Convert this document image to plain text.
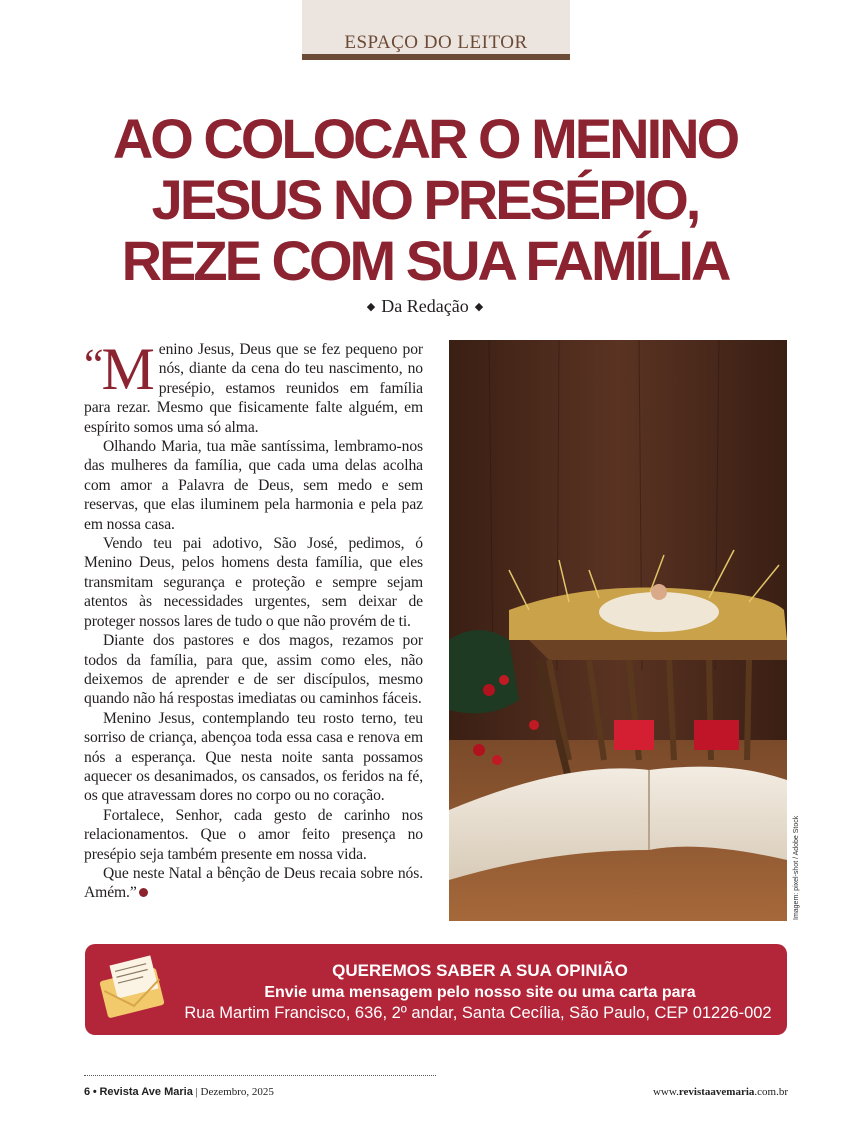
ESPAÇO DO LEITOR
AO COLOCAR O MENINO
JESUS NO PRESÉPIO,
REZE COM SUA FAMÍLIA
◆ Da Redação ◆

“M enino Jesus, Deus que se fez pequeno por nós, diante da cena do teu nascimento, no presépio, estamos reunidos em família para rezar. Mesmo que fisicamente falte alguém, em espírito somos uma só alma.

Olhando Maria, tua mãe santíssima, lembramo-nos das mulheres da família, que cada uma delas acolha com amor a Palavra de Deus, sem medo e sem reservas, que elas iluminem pela harmonia e pela paz em nossa casa.

Vendo teu pai adotivo, São José, pedimos, ó Menino Deus, pelos homens desta família, que eles transmitam segurança e proteção e sempre sejam atentos às necessidades urgentes, sem deixar de proteger nossos lares de tudo o que não provém de ti.

Diante dos pastores e dos magos, rezamos por todos da família, para que, assim como eles, não deixemos de aprender e de ser discípulos, mesmo quando não há respostas imediatas ou caminhos fáceis.

Menino Jesus, contemplando teu rosto terno, teu sorriso de criança, abençoa toda essa casa e renova em nós a esperança. Que nesta noite santa possamos aquecer os desanimados, os cansados, os feridos na fé, os que atravessam dores no corpo ou no coração.

Fortalece, Senhor, cada gesto de carinho nos relacionamentos. Que o amor feito presença no presépio seja também presente em nossa vida.

Que neste Natal a bênção de Deus recaia sobre nós. Amém.”	Imagem: pixel-shot / Adobe Stock
QUEREMOS SABER A SUA OPINIÃO
Envie uma mensagem pelo nosso site ou uma carta para
Rua Martim Francisco, 636, 2º andar, Santa Cecília, São Paulo, CEP 01226-002
6 • Revista Ave Maria | Dezembro, 2025	www.revistaavemaria.com.br
